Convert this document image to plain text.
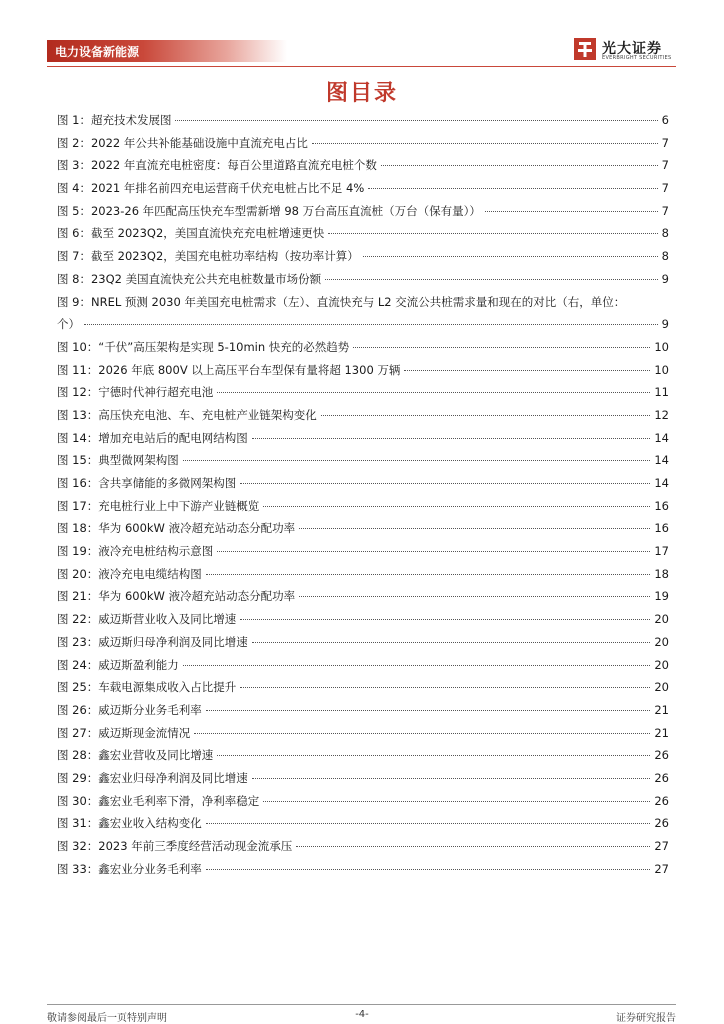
电力设备新能源	光大证券
EVERBRIGHT SECURITIES
图目录
图 1：超充技术发展图	6
图 2：2022 年公共补能基础设施中直流充电占比	7
图 3：2022 年直流充电桩密度：每百公里道路直流充电桩个数	7
图 4：2021 年排名前四充电运营商千伏充电桩占比不足 4%	7
图 5：2023-26 年匹配高压快充车型需新增 98 万台高压直流桩（万台（保有量））	7
图 6：截至 2023Q2，美国直流快充充电桩增速更快	8
图 7：截至 2023Q2，美国充电桩功率结构（按功率计算）	8
图 8：23Q2 美国直流快充公共充电桩数量市场份额	9
图 9：NREL 预测 2030 年美国充电桩需求（左）、直流快充与 L2 交流公共桩需求量和现在的对比（右，单位：
个）	9
图 10：“千伏”高压架构是实现 5-10min 快充的必然趋势	10
图 11：2026 年底 800V 以上高压平台车型保有量将超 1300 万辆	10
图 12：宁德时代神行超充电池	11
图 13：高压快充电池、车、充电桩产业链架构变化	12
图 14：增加充电站后的配电网结构图	14
图 15：典型微网架构图	14
图 16：含共享储能的多微网架构图	14
图 17：充电桩行业上中下游产业链概览	16
图 18：华为 600kW 液冷超充站动态分配功率	16
图 19：液冷充电桩结构示意图	17
图 20：液冷充电电缆结构图	18
图 21：华为 600kW 液冷超充站动态分配功率	19
图 22：威迈斯营业收入及同比增速	20
图 23：威迈斯归母净利润及同比增速	20
图 24：威迈斯盈利能力	20
图 25：车载电源集成收入占比提升	20
图 26：威迈斯分业务毛利率	21
图 27：威迈斯现金流情况	21
图 28：鑫宏业营收及同比增速	26
图 29：鑫宏业归母净利润及同比增速	26
图 30：鑫宏业毛利率下滑，净利率稳定	26
图 31：鑫宏业收入结构变化	26
图 32：2023 年前三季度经营活动现金流承压	27
图 33：鑫宏业分业务毛利率	27
敬请参阅最后一页特别声明	-4-	证券研究报告
